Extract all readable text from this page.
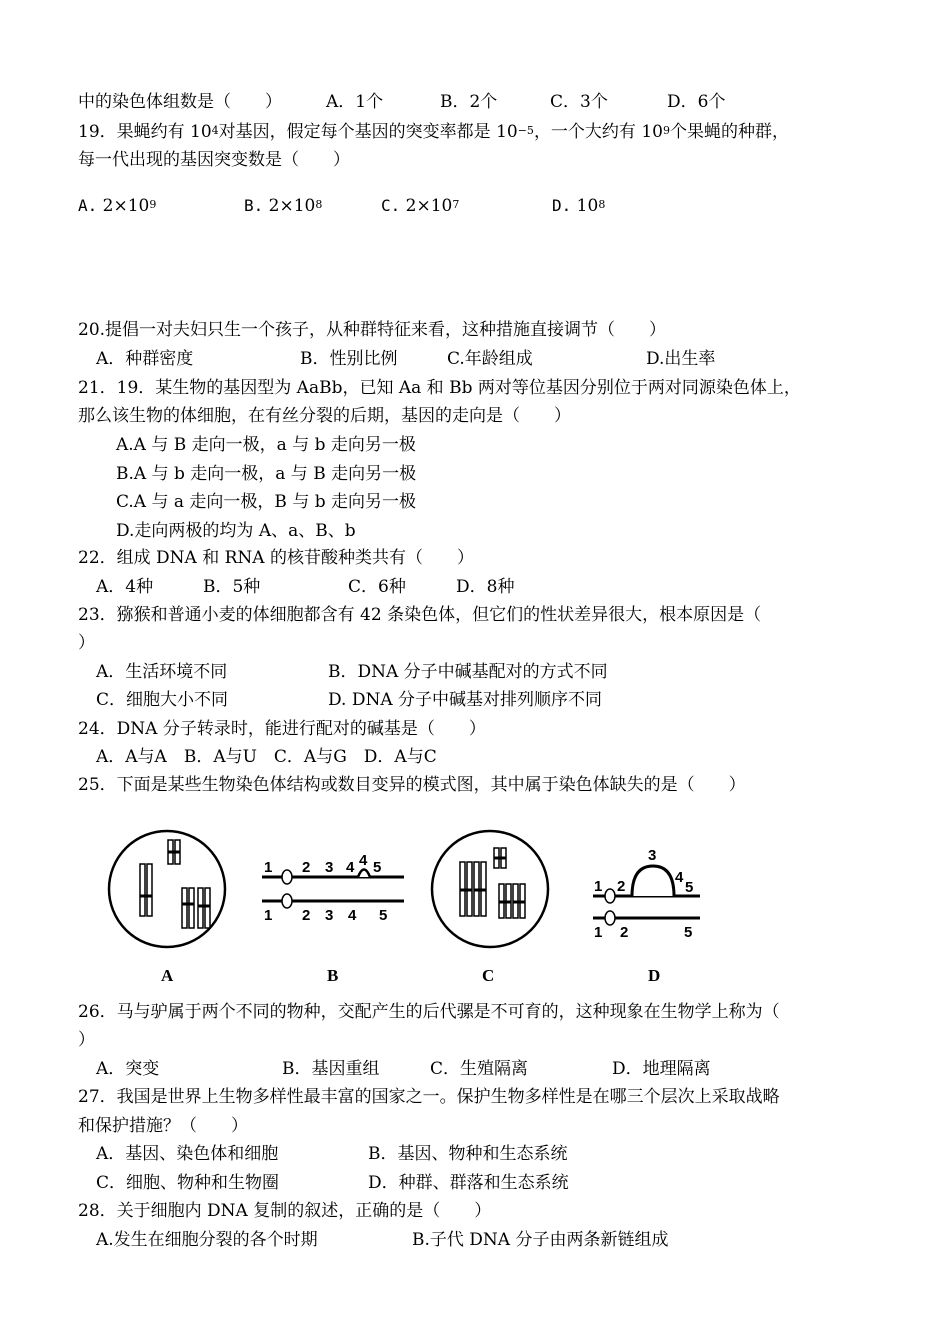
中的染色体组数是（　　）	A．1个	B．2个	C．3个	D．6个
19．果蝇约有 $10^4$对基因，假定每个基因的突变率都是 $10^{-5}$，一个大约有 $10^9$个果蝇的种群，
每一代出现的基因突变数是（　　）
A. $2\times 10^9$	B. $2\times 10^8$	C. $2\times 10^7$	D. $10^8$
20.提倡一对夫妇只生一个孩子，从种群特征来看，这种措施直接调节（　　）
A．种群密度	B．性别比例	C.年龄组成	D.出生率
21．19．某生物的基因型为 AaBb，已知 Aa 和 Bb 两对等位基因分别位于两对同源染色体上，
那么该生物的体细胞，在有丝分裂的后期，基因的走向是（　　）
A.A 与 B 走向一极，a 与 b 走向另一极
B.A 与 b 走向一极，a 与 B 走向另一极
C.A 与 a 走向一极，B 与 b 走向另一极
D.走向两极的均为 A、a、B、b
22．组成 DNA 和 RNA 的核苷酸种类共有（　　）
A．4种	B．5种	C．6种	D．8种
23．猕猴和普通小麦的体细胞都含有 42 条染色体，但它们的性状差异很大，根本原因是（
）
A．生活环境不同	B．DNA 分子中碱基配对的方式不同
C．细胞大小不同	D. DNA 分子中碱基对排列顺序不同
24．DNA 分子转录时，能进行配对的碱基是（　　）
A．A与A　B．A与U　C．A与G　D．A与C
25．下面是某些生物染色体结构或数目变异的模式图，其中属于染色体缺失的是（　　）
1 2 3 4 4 5
1 2 3 4 5
1 2
3
4
5
1 2	5
A	B	C	D
26．马与驴属于两个不同的物种，交配产生的后代骡是不可育的，这种现象在生物学上称为（
）
A．突变	B．基因重组	C．生殖隔离	D．地理隔离
27．我国是世界上生物多样性最丰富的国家之一。保护生物多样性是在哪三个层次上采取战略
和保护措施？（　　）
A．基因、染色体和细胞	B．基因、物种和生态系统
C．细胞、物种和生物圈	D．种群、群落和生态系统
28．关于细胞内 DNA 复制的叙述，正确的是（　　）
A.发生在细胞分裂的各个时期	B.子代 DNA 分子由两条新链组成
